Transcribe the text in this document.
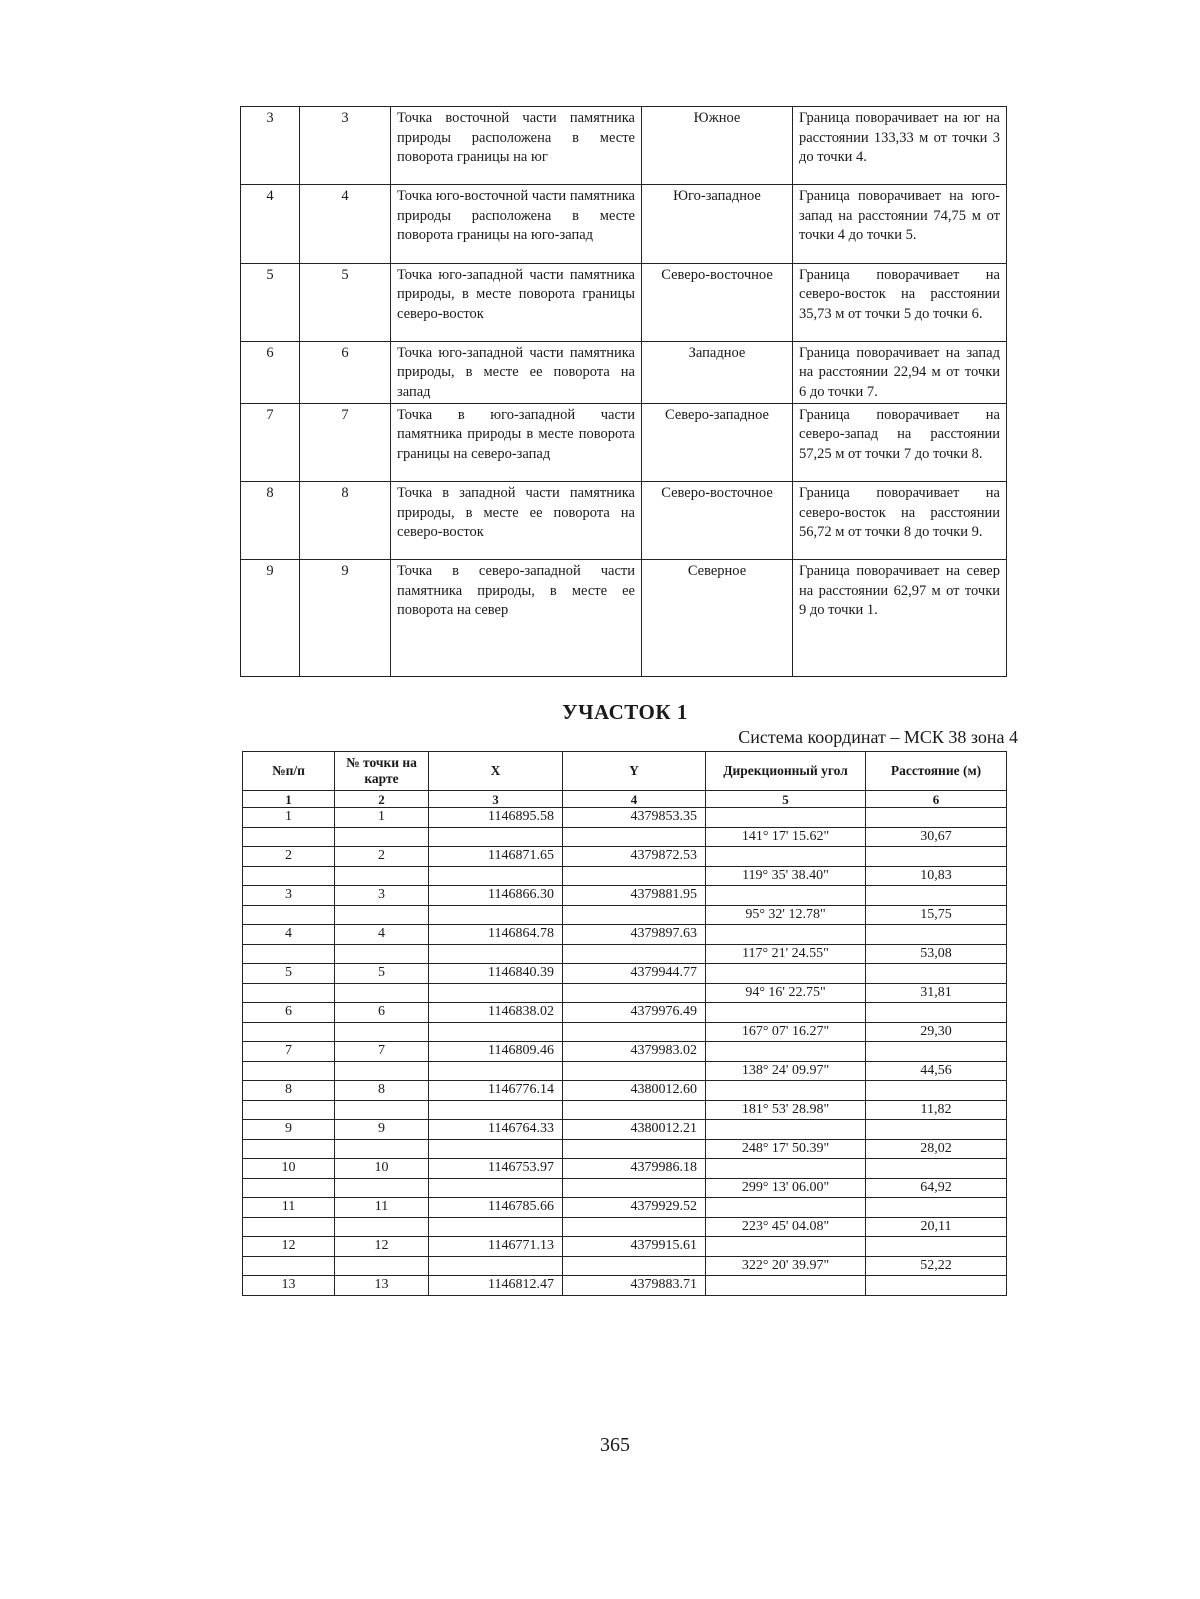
3	3	Точка восточной части памятника природы расположена в месте поворота границы на юг	Южное	Граница поворачивает на юг на расстоянии 133,33 м от точки 3 до точки 4.
4	4	Точка юго-восточной части памятника природы расположена в месте поворота границы на юго-запад	Юго-западное	Граница поворачивает на юго-запад на расстоянии 74,75 м от точки 4 до точки 5.
5	5	Точка юго-западной части памятника природы, в месте поворота границы северо-восток	Северо-восточное	Граница поворачивает на северо-восток на расстоянии 35,73 м от точки 5 до точки 6.
6	6	Точка юго-западной части памятника природы, в месте ее поворота на запад	Западное	Граница поворачивает на запад на расстоянии 22,94 м от точки 6 до точки 7.
7	7	Точка в юго-западной части памятника природы в месте поворота границы на северо-запад	Северо-западное	Граница поворачивает на северо-запад на расстоянии 57,25 м от точки 7 до точки 8.
8	8	Точка в западной части памятника природы, в месте ее поворота на северо-восток	Северо-восточное	Граница поворачивает на северо-восток на расстоянии 56,72 м от точки 8 до точки 9.
9	9	Точка в северо-западной части памятника природы, в месте ее поворота на север	Северное	Граница поворачивает на север на расстоянии 62,97 м от точки 9 до точки 1.
УЧАСТОК 1
Система координат – МСК 38 зона 4
№п/п	№ точки на карте	X	Y	Дирекционный угол	Расстояние (м)
1	2	3	4	5	6
1	1	1146895.58	4379853.35		
				141° 17' 15.62"	30,67
2	2	1146871.65	4379872.53		
				119° 35' 38.40"	10,83
3	3	1146866.30	4379881.95		
				95° 32' 12.78"	15,75
4	4	1146864.78	4379897.63		
				117° 21' 24.55"	53,08
5	5	1146840.39	4379944.77		
				94° 16' 22.75"	31,81
6	6	1146838.02	4379976.49		
				167° 07' 16.27"	29,30
7	7	1146809.46	4379983.02		
				138° 24' 09.97"	44,56
8	8	1146776.14	4380012.60		
				181° 53' 28.98"	11,82
9	9	1146764.33	4380012.21		
				248° 17' 50.39"	28,02
10	10	1146753.97	4379986.18		
				299° 13' 06.00"	64,92
11	11	1146785.66	4379929.52		
				223° 45' 04.08"	20,11
12	12	1146771.13	4379915.61		
				322° 20' 39.97"	52,22
13	13	1146812.47	4379883.71		
365
